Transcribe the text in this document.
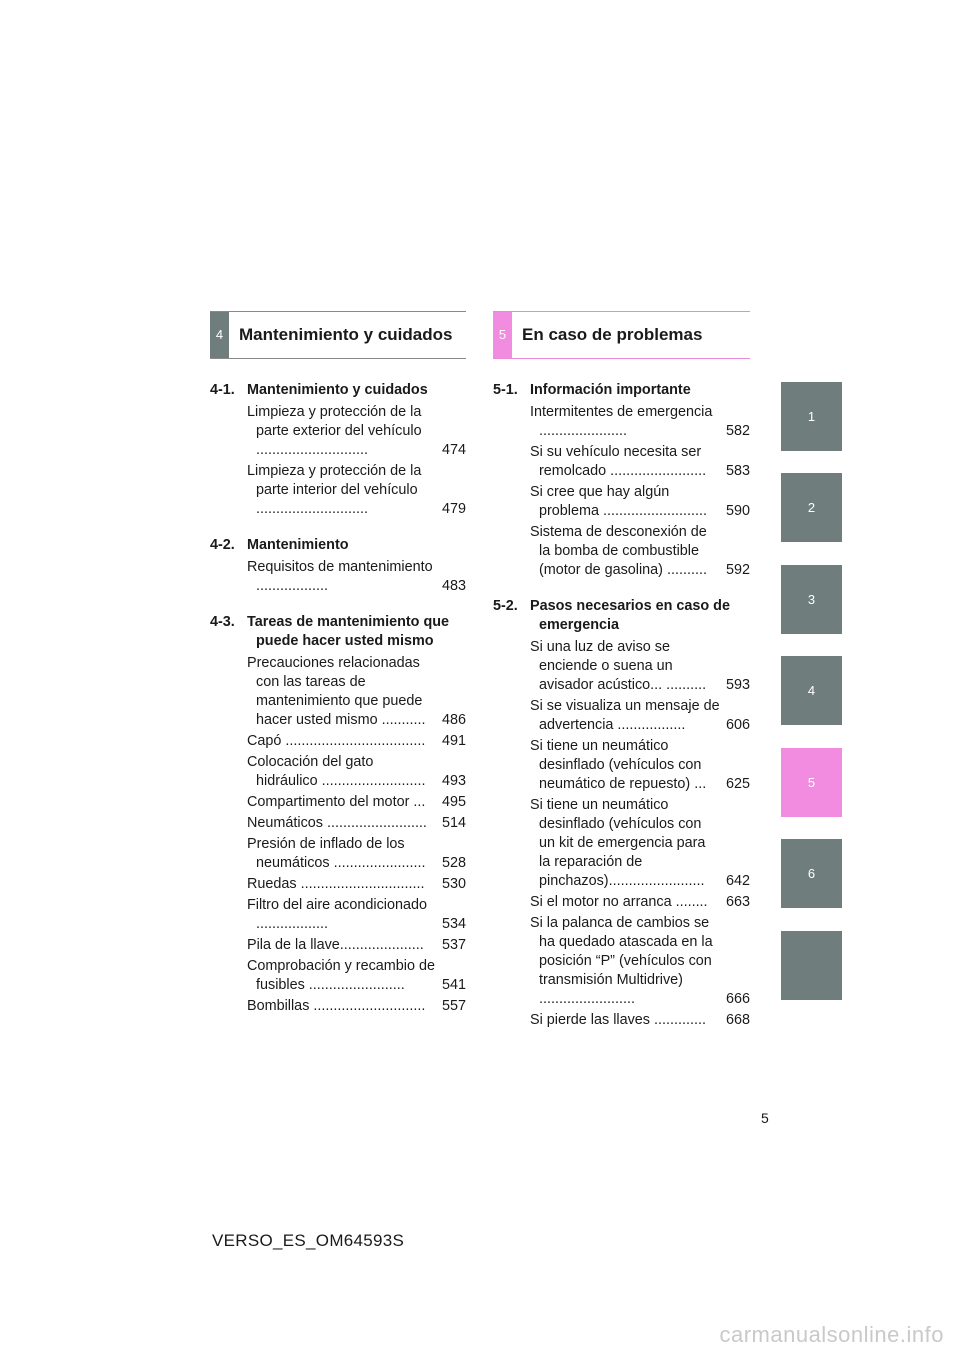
4 Mantenimiento y cuidados
4-1. Mantenimiento y cuidados
Limpieza y protección de la parte exterior del vehículo ............................	474
Limpieza y protección de la parte interior del vehículo ............................	479
4-2. Mantenimiento
Requisitos de mantenimiento ..................	483
4-3. Tareas de mantenimiento que puede hacer usted mismo
Precauciones relacionadas con las tareas de mantenimiento que puede hacer usted mismo ...........	486
Capó ...................................	491
Colocación del gato hidráulico ..........................	493
Compartimento del motor ...	495
Neumáticos .........................	514
Presión de inflado de los neumáticos .......................	528
Ruedas ...............................	530
Filtro del aire acondicionado ..................	534
Pila de la llave.....................	537
Comprobación y recambio de fusibles ........................	541
Bombillas ............................	557
5 En caso de problemas
5-1. Información importante
Intermitentes de emergencia ......................	582
Si su vehículo necesita ser remolcado ........................	583
Si cree que hay algún problema ..........................	590
Sistema de desconexión de la bomba de combustible (motor de gasolina) ..........	592
5-2. Pasos necesarios en caso de emergencia
Si una luz de aviso se enciende o suena un avisador acústico... ..........	593
Si se visualiza un mensaje de advertencia .................	606
Si tiene un neumático desinflado (vehículos con neumático de repuesto) ...	625
Si tiene un neumático desinflado (vehículos con un kit de emergencia para la reparación de pinchazos)........................	642
Si el motor no arranca ........	663
Si la palanca de cambios se ha quedado atascada en la posición “P” (vehículos con transmisión Multidrive) ........................	666
Si pierde las llaves .............	668
1
2
3
4
5
6
5
VERSO_ES_OM64593S
carmanualsonline.info
